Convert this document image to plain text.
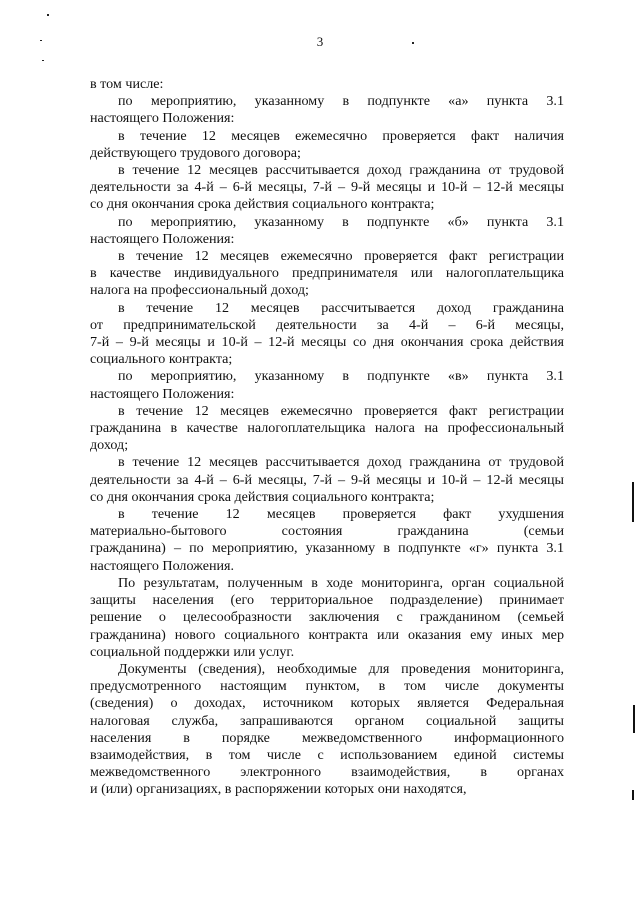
3

в том числе:

по мероприятию, указанному в подпункте «а» пункта 3.1

настоящего Положения:

в течение 12 месяцев ежемесячно проверяется факт наличия

действующего трудового договора;

в течение 12 месяцев рассчитывается доход гражданина от трудовой

деятельности за 4-й – 6-й месяцы, 7-й – 9-й месяцы и 10-й – 12-й месяцы

со дня окончания срока действия социального контракта;

по мероприятию, указанному в подпункте «б» пункта 3.1

настоящего Положения:

в течение 12 месяцев ежемесячно проверяется факт регистрации

в качестве индивидуального предпринимателя или налогоплательщика

налога на профессиональный доход;

в течение 12 месяцев рассчитывается доход гражданина

от предпринимательской деятельности за 4-й – 6-й месяцы,

7-й – 9-й месяцы и 10-й – 12-й месяцы со дня окончания срока действия

социального контракта;

по мероприятию, указанному в подпункте «в» пункта 3.1

настоящего Положения:

в течение 12 месяцев ежемесячно проверяется факт регистрации

гражданина в качестве налогоплательщика налога на профессиональный

доход;

в течение 12 месяцев рассчитывается доход гражданина от трудовой

деятельности за 4-й – 6-й месяцы, 7-й – 9-й месяцы и 10-й – 12-й месяцы

со дня окончания срока действия социального контракта;

в течение 12 месяцев проверяется факт ухудшения

материально-бытового состояния гражданина (семьи

гражданина) – по мероприятию, указанному в подпункте «г» пункта 3.1

настоящего Положения.

По результатам, полученным в ходе мониторинга, орган социальной

защиты населения (его территориальное подразделение) принимает

решение о целесообразности заключения с гражданином (семьей

гражданина) нового социального контракта или оказания ему иных мер

социальной поддержки или услуг.

Документы (сведения), необходимые для проведения мониторинга,

предусмотренного настоящим пунктом, в том числе документы

(сведения) о доходах, источником которых является Федеральная

налоговая служба, запрашиваются органом социальной защиты

населения в порядке межведомственного информационного

взаимодействия, в том числе с использованием единой системы

межведомственного электронного взаимодействия, в органах

и (или) организациях, в распоряжении которых они находятся,
